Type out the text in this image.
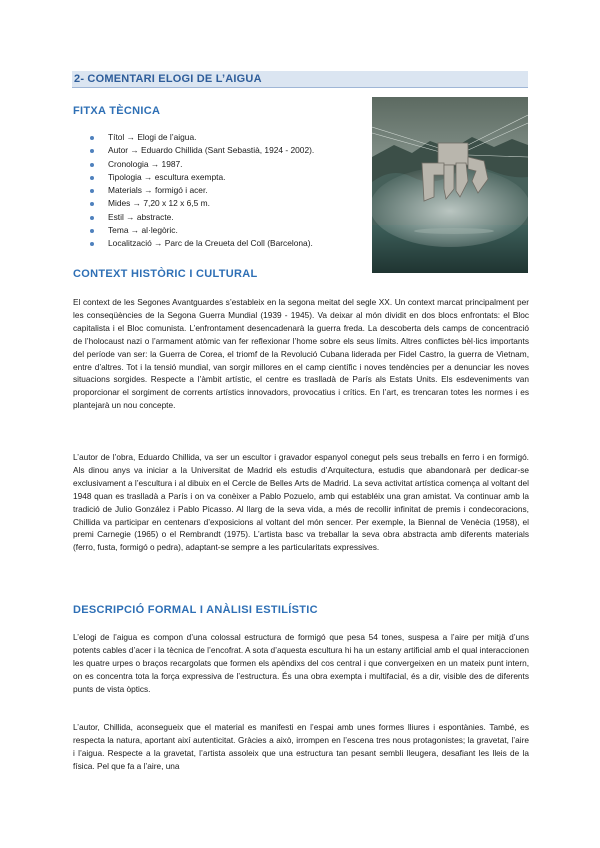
2- COMENTARI ELOGI DE L’AIGUA
FITXA TÈCNICA
Títol → Elogi de l’aigua.
Autor → Eduardo Chillida (Sant Sebastià, 1924 - 2002).
Cronologia → 1987.
Tipologia → escultura exempta.
Materials → formigó i acer.
Mides → 7,20 x 12 x 6,5 m.
Estil → abstracte.
Tema → al·legòric.
Localització → Parc de la Creueta del Coll (Barcelona).
CONTEXT HISTÒRIC I CULTURAL

El context de les Segones Avantguardes s’estableix en la segona meitat del segle XX. Un context marcat principalment per les conseqüències de la Segona Guerra Mundial (1939 - 1945). Va deixar al món dividit en dos blocs enfrontats: el Bloc capitalista i el Bloc comunista. L’enfrontament desencadenarà la guerra freda. La descoberta dels camps de concentració de l’holocaust nazi o l’armament atòmic van fer reflexionar l’home sobre els seus límits. Altres conflictes bèl·lics importants del període van ser: la Guerra de Corea, el triomf de la Revolució Cubana liderada per Fidel Castro, la guerra de Vietnam, entre d’altres. Tot i la tensió mundial, van sorgir millores en el camp científic i noves tendències per a denunciar les noves situacions sorgides. Respecte a l’àmbit artístic, el centre es traslladà de París als Estats Units. Els esdeveniments van proporcionar el sorgiment de corrents artístics innovadors, provocatius i crítics. En l’art, es trencaran totes les normes i es plantejarà un nou concepte.

L’autor de l’obra, Eduardo Chillida, va ser un escultor i gravador espanyol conegut pels seus treballs en ferro i en formigó. Als dinou anys va iniciar a la Universitat de Madrid els estudis d’Arquitectura, estudis que abandonarà per dedicar-se exclusivament a l’escultura i al dibuix en el Cercle de Belles Arts de Madrid. La seva activitat artística comença al voltant del 1948 quan es traslladà a París i on va conèixer a Pablo Pozuelo, amb qui establéix una gran amistat. Va continuar amb la tradició de Julio González i Pablo Picasso. Al llarg de la seva vida, a més de recollir infinitat de premis i condecoracions, Chillida va participar en centenars d’exposicions al voltant del món sencer. Per exemple, la Biennal de Venècia (1958), el premi Carnegie (1965) o el Rembrandt (1975). L’artista basc va treballar la seva obra abstracta amb diferents materials (ferro, fusta, formigó o pedra), adaptant-se sempre a les particularitats expressives.

DESCRIPCIÓ FORMAL I ANÀLISI ESTILÍSTIC

L’elogi de l’aigua es compon d’una colossal estructura de formigó que pesa 54 tones, suspesa a l’aire per mitjà d’uns potents cables d’acer i la tècnica de l’encofrat. A sota d’aquesta escultura hi ha un estany artificial amb el qual interaccionen les quatre urpes o braços recargolats que formen els apèndixs del cos central i que convergeixen en un mateix punt intern, on es concentra tota la força expressiva de l’estructura. És una obra exempta i multifacial, és a dir, visible des de diferents punts de vista òptics.

L’autor, Chillida, aconsegueix que el material es manifesti en l’espai amb unes formes lliures i espontànies. També, es respecta la natura, aportant així autenticitat. Gràcies a això, irrompen en l’escena tres nous protagonistes; la gravetat, l’aire i l’aigua. Respecte a la gravetat, l’artista assoleix que una estructura tan pesant sembli lleugera, desafiant les lleis de la física. Pel que fa a l’aire, una
